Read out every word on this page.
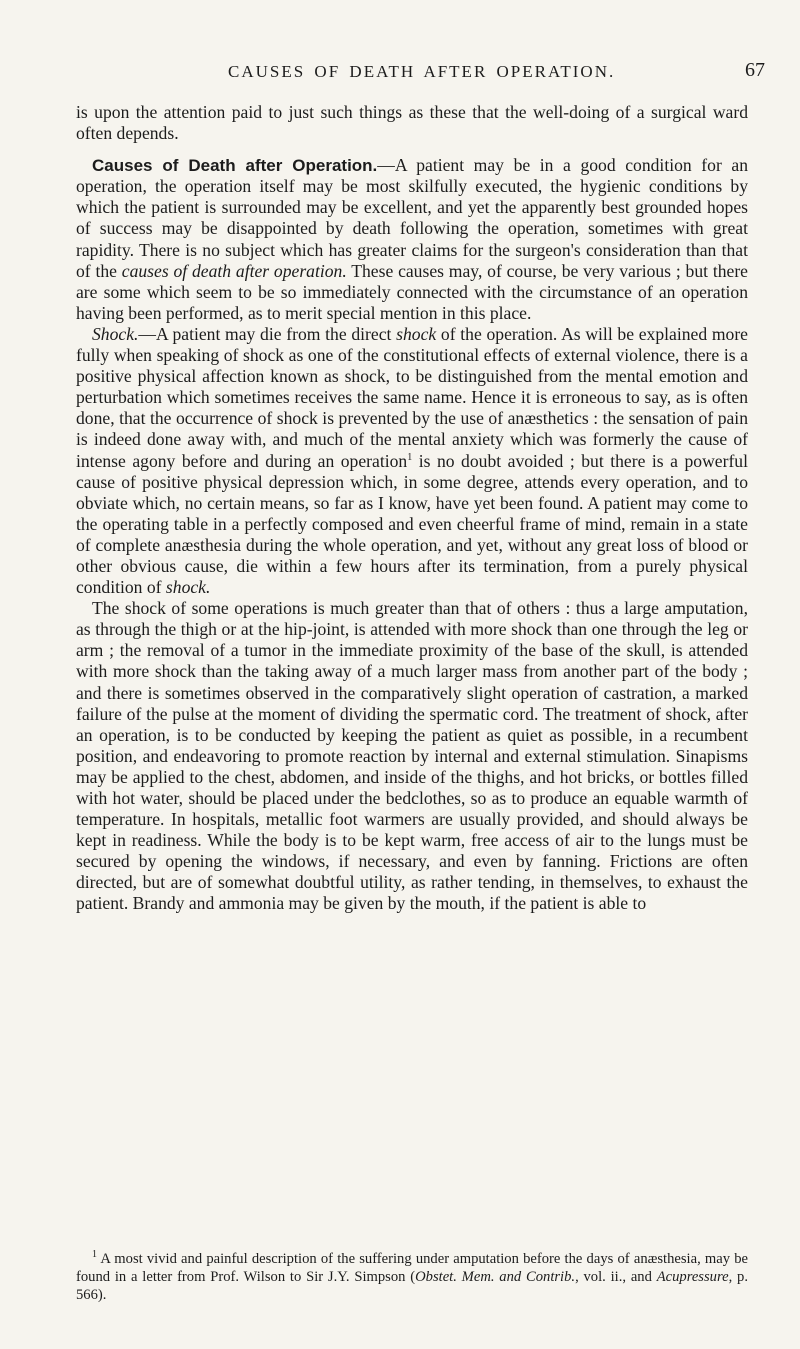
CAUSES OF DEATH AFTER OPERATION.	67

is upon the attention paid to just such things as these that the well-doing of a surgical ward often depends.

Causes of Death after Operation.—A patient may be in a good condition for an operation, the operation itself may be most skilfully executed, the hygienic conditions by which the patient is surrounded may be excellent, and yet the apparently best grounded hopes of success may be disappointed by death following the operation, sometimes with great rapidity. There is no subject which has greater claims for the surgeon's consideration than that of the causes of death after operation. These causes may, of course, be very various ; but there are some which seem to be so immediately connected with the circumstance of an operation having been performed, as to merit special mention in this place.

Shock.—A patient may die from the direct shock of the operation. As will be explained more fully when speaking of shock as one of the constitutional effects of external violence, there is a positive physical affection known as shock, to be distinguished from the mental emotion and perturbation which sometimes receives the same name. Hence it is erroneous to say, as is often done, that the occurrence of shock is prevented by the use of anæsthetics : the sensation of pain is indeed done away with, and much of the mental anxiety which was formerly the cause of intense agony before and during an operation$^1$ is no doubt avoided ; but there is a powerful cause of positive physical depression which, in some degree, attends every operation, and to obviate which, no certain means, so far as I know, have yet been found. A patient may come to the operating table in a perfectly composed and even cheerful frame of mind, remain in a state of complete anæsthesia during the whole operation, and yet, without any great loss of blood or other obvious cause, die within a few hours after its termination, from a purely physical condition of shock.

The shock of some operations is much greater than that of others : thus a large amputation, as through the thigh or at the hip-joint, is attended with more shock than one through the leg or arm ; the removal of a tumor in the immediate proximity of the base of the skull, is attended with more shock than the taking away of a much larger mass from another part of the body ; and there is sometimes observed in the comparatively slight operation of castration, a marked failure of the pulse at the moment of dividing the spermatic cord. The treatment of shock, after an operation, is to be conducted by keeping the patient as quiet as possible, in a recumbent position, and endeavoring to promote reaction by internal and external stimulation. Sinapisms may be applied to the chest, abdomen, and inside of the thighs, and hot bricks, or bottles filled with hot water, should be placed under the bedclothes, so as to produce an equable warmth of temperature. In hospitals, metallic foot warmers are usually provided, and should always be kept in readiness. While the body is to be kept warm, free access of air to the lungs must be secured by opening the windows, if necessary, and even by fanning. Frictions are often directed, but are of somewhat doubtful utility, as rather tending, in themselves, to exhaust the patient. Brandy and ammonia may be given by the mouth, if the patient is able to

$^1$ A most vivid and painful description of the suffering under amputation before the days of anæsthesia, may be found in a letter from Prof. Wilson to Sir J.Y. Simpson (Obstet. Mem. and Contrib., vol. ii., and Acupressure, p. 566).
